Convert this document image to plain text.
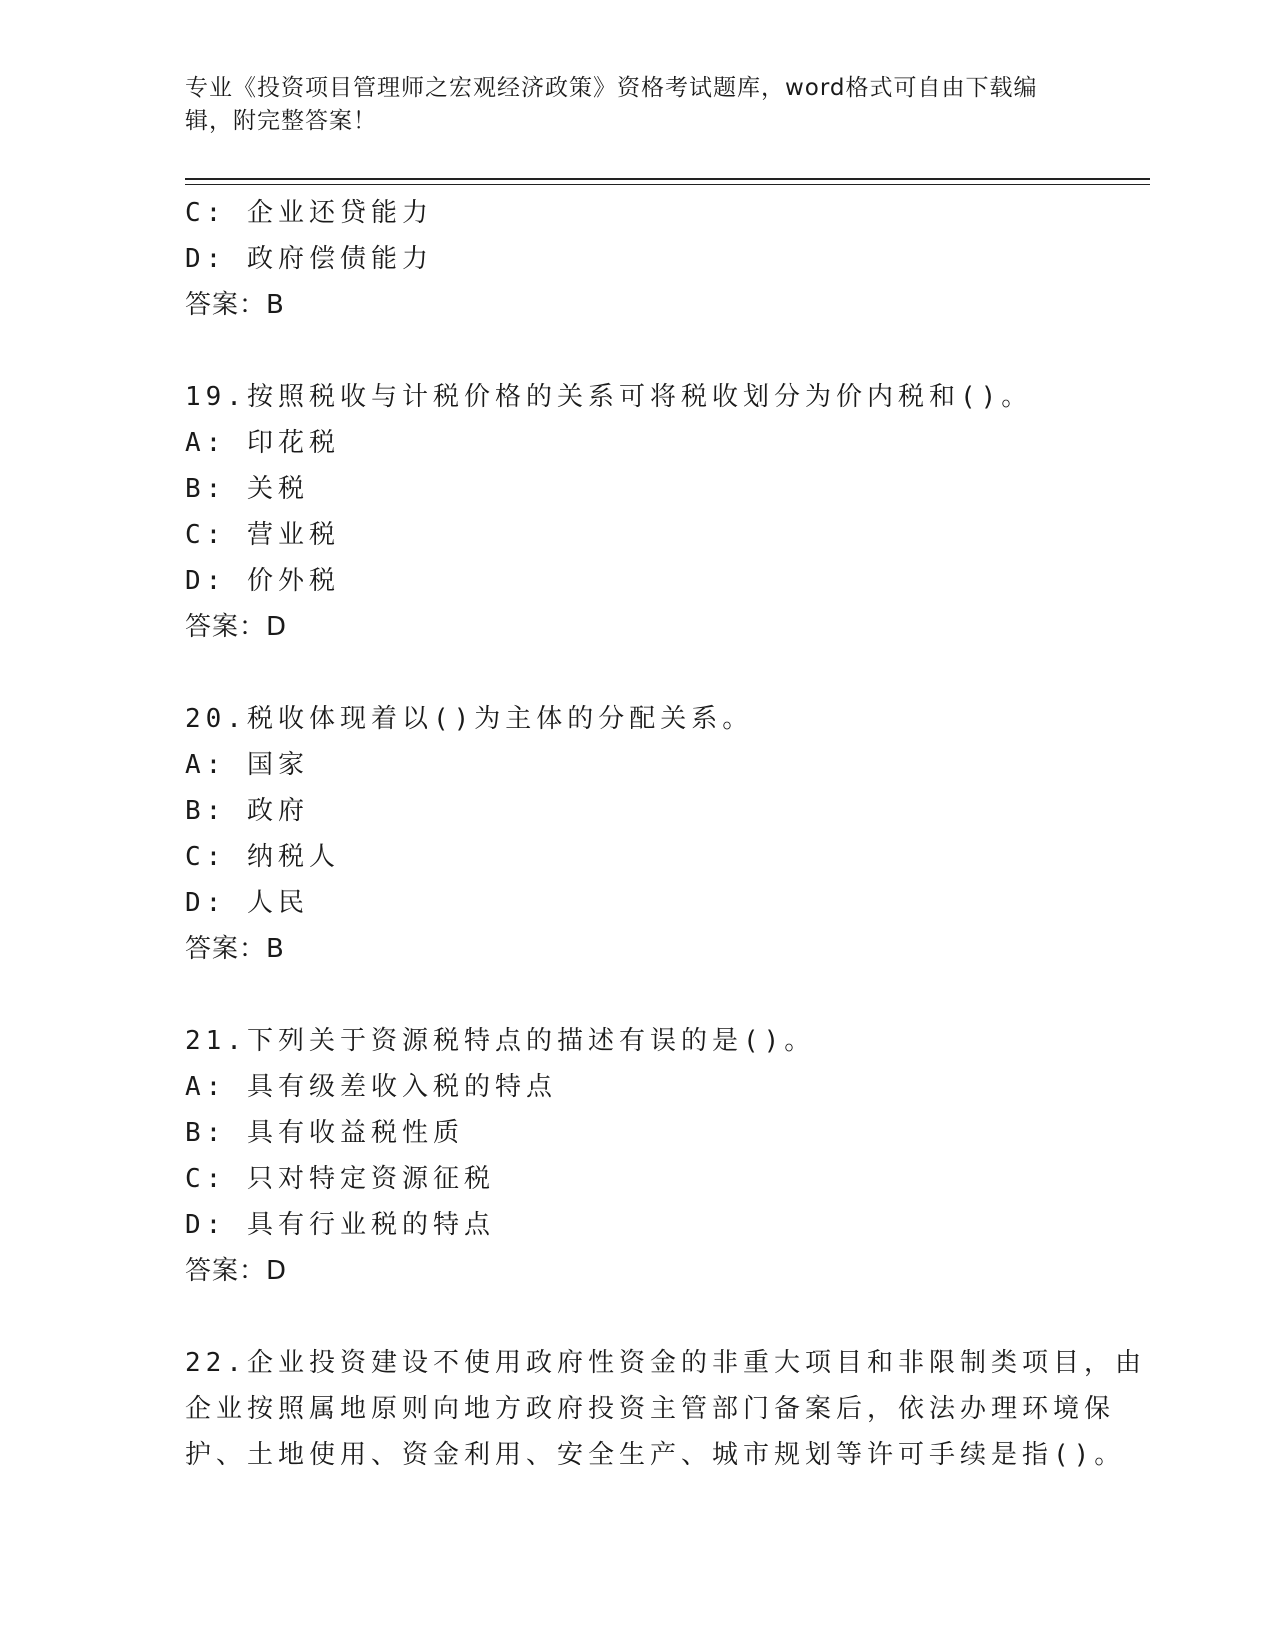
专业《投资项目管理师之宏观经济政策》资格考试题库，word格式可自由下载编
辑，附完整答案！
C: 企业还贷能力
D: 政府偿债能力
答案：B
19.按照税收与计税价格的关系可将税收划分为价内税和()。
A: 印花税
B: 关税
C: 营业税
D: 价外税
答案：D
20.税收体现着以()为主体的分配关系。
A: 国家
B: 政府
C: 纳税人
D: 人民
答案：B
21.下列关于资源税特点的描述有误的是()。
A: 具有级差收入税的特点
B: 具有收益税性质
C: 只对特定资源征税
D: 具有行业税的特点
答案：D
22.企业投资建设不使用政府性资金的非重大项目和非限制类项目，由
企业按照属地原则向地方政府投资主管部门备案后，依法办理环境保
护、土地使用、资金利用、安全生产、城市规划等许可手续是指()。
